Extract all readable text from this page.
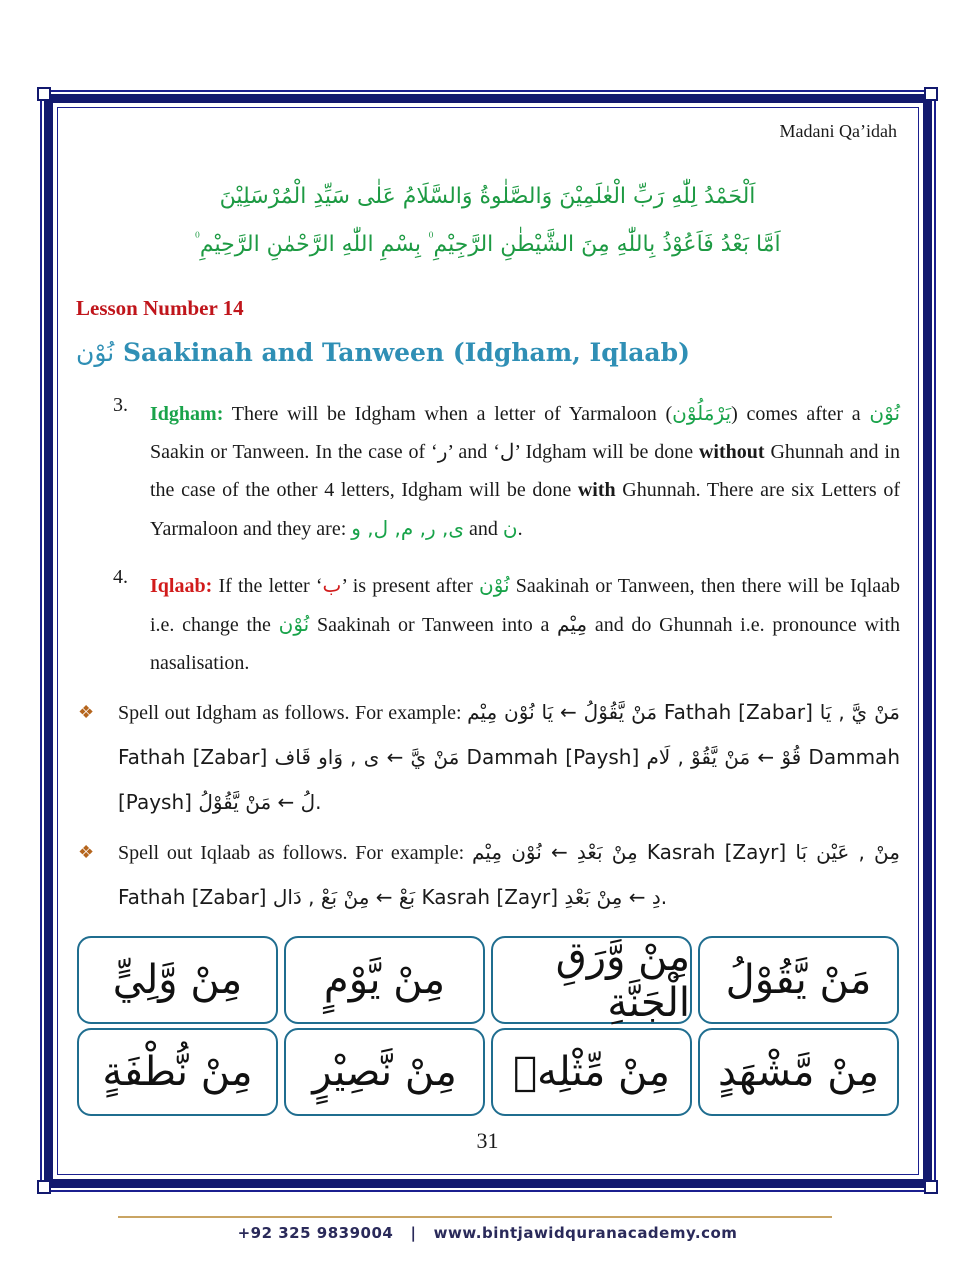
Madani Qa’idah
اَلْحَمْدُ لِلّٰهِ رَبِّ الْعٰلَمِيْنَ وَالصَّلٰوةُ وَالسَّلَامُ عَلٰى سَيِّدِ الْمُرْسَلِيْنَ
اَمَّا بَعْدُ فَاَعُوْذُ بِاللّٰهِ مِنَ الشَّيْطٰنِ الرَّجِيْمِ ۠ بِسْمِ اللّٰهِ الرَّحْمٰنِ الرَّحِيْمِ ۠
Lesson Number 14
نُوْن Saakinah and Tanween (Idgham, Iqlaab)
3. Idgham: There will be Idgham when a letter of Yarmaloon (يَرْمَلُوْن) comes after a نُوْن Saakin or Tanween. In the case of ‘ر’ and ‘ل’ Idgham will be done without Ghunnah and in the case of the other 4 letters, Idgham will be done with Ghunnah. There are six Letters of Yarmaloon and they are: ى, ر, م, ل, و and ن.
4. Iqlaab: If the letter ‘ب’ is present after نُوْن Saakinah or Tanween, then there will be Iqlaab i.e. change the نُوْن Saakinah or Tanween into a مِيْم and do Ghunnah i.e. pronounce with nasalisation.
❖ Spell out Idgham as follows. For example: مَنْ يَّقُوْلُ ← يَا نُوْن مِيْم Fathah [Zabar] مَنْ يَّ , يَا Fathah [Zabar] مَنْ يَّ ← ى , وَاو قَاف Dammah [Paysh] قُوْ ← مَنْ يَّقُوْ , لَام Dammah [Paysh] لُ ← مَنْ يَّقُوْلُ.
❖ Spell out Iqlaab as follows. For example: مِنْ بَعْدِ ← نُوْن مِيْم Kasrah [Zayr] مِنْ , عَيْن بَا Fathah [Zabar] بَعْ ← مِنْ بَعْ , دَال Kasrah [Zayr] دِ ← مِنْ بَعْدِ.
مَنْ يَّقُوْلُ
مِنْ وَّرَقِ الْجَنَّةِ
مِنْ يَّوْمٍ
مِنْ وَّلِيٍّ
مِنْ مَّشْهَدٍ
مِنْ مِّثْلِهٖ
مِنْ نَّصِيْرٍ
مِنْ نُّطْفَةٍ
31
+92 325 9839004   |   www.bintjawidquranacademy.com
